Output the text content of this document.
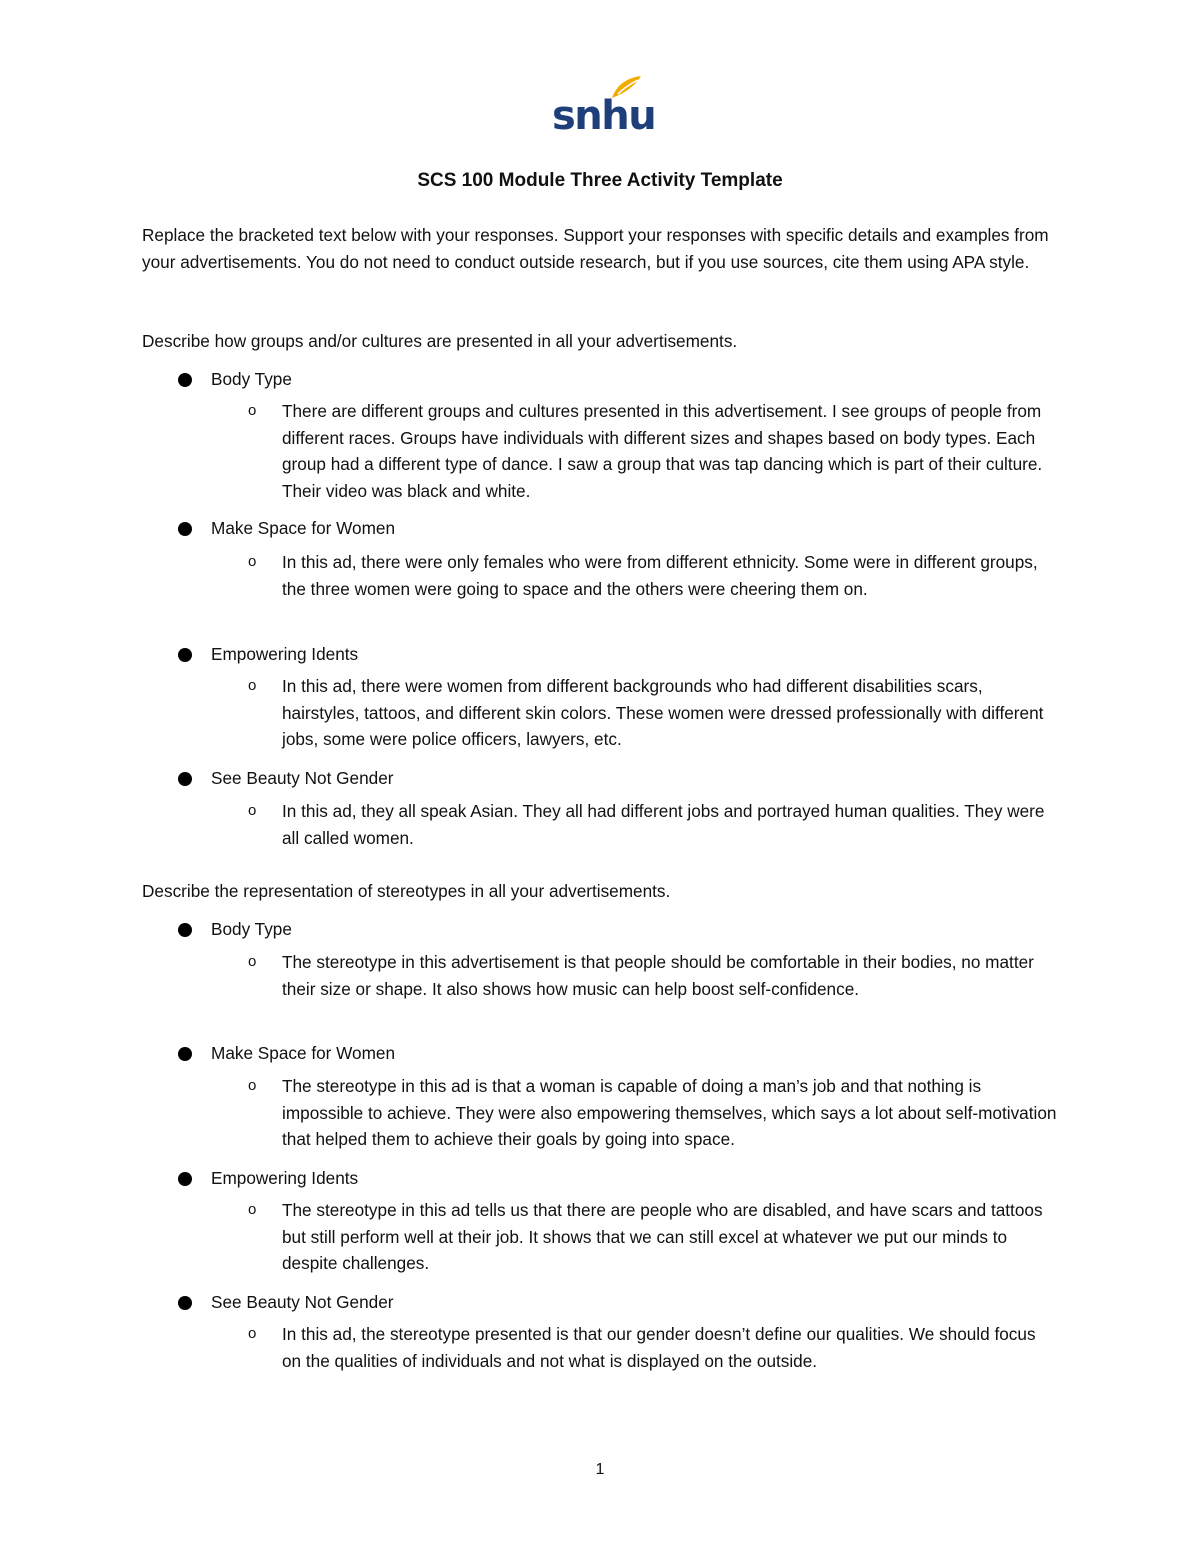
snhu
SCS 100 Module Three Activity Template
Replace the bracketed text below with your responses. Support your responses with specific details and examples from your advertisements. You do not need to conduct outside research, but if you use sources, cite them using APA style.
Describe how groups and/or cultures are presented in all your advertisements.
Body Type
o There are different groups and cultures presented in this advertisement. I see groups of people from different races. Groups have individuals with different sizes and shapes based on body types. Each group had a different type of dance. I saw a group that was tap dancing which is part of their culture. Their video was black and white.
Make Space for Women
o In this ad, there were only females who were from different ethnicity. Some were in different groups, the three women were going to space and the others were cheering them on.
Empowering Idents
o In this ad, there were women from different backgrounds who had different disabilities scars, hairstyles, tattoos, and different skin colors. These women were dressed professionally with different jobs, some were police officers, lawyers, etc.
See Beauty Not Gender
o In this ad, they all speak Asian. They all had different jobs and portrayed human qualities. They were all called women.
Describe the representation of stereotypes in all your advertisements.
Body Type
o The stereotype in this advertisement is that people should be comfortable in their bodies, no matter their size or shape. It also shows how music can help boost self-confidence.
Make Space for Women
o The stereotype in this ad is that a woman is capable of doing a man’s job and that nothing is impossible to achieve. They were also empowering themselves, which says a lot about self-motivation that helped them to achieve their goals by going into space.
Empowering Idents
o The stereotype in this ad tells us that there are people who are disabled, and have scars and tattoos but still perform well at their job. It shows that we can still excel at whatever we put our minds to despite challenges.
See Beauty Not Gender
o In this ad, the stereotype presented is that our gender doesn’t define our qualities. We should focus on the qualities of individuals and not what is displayed on the outside.
1
